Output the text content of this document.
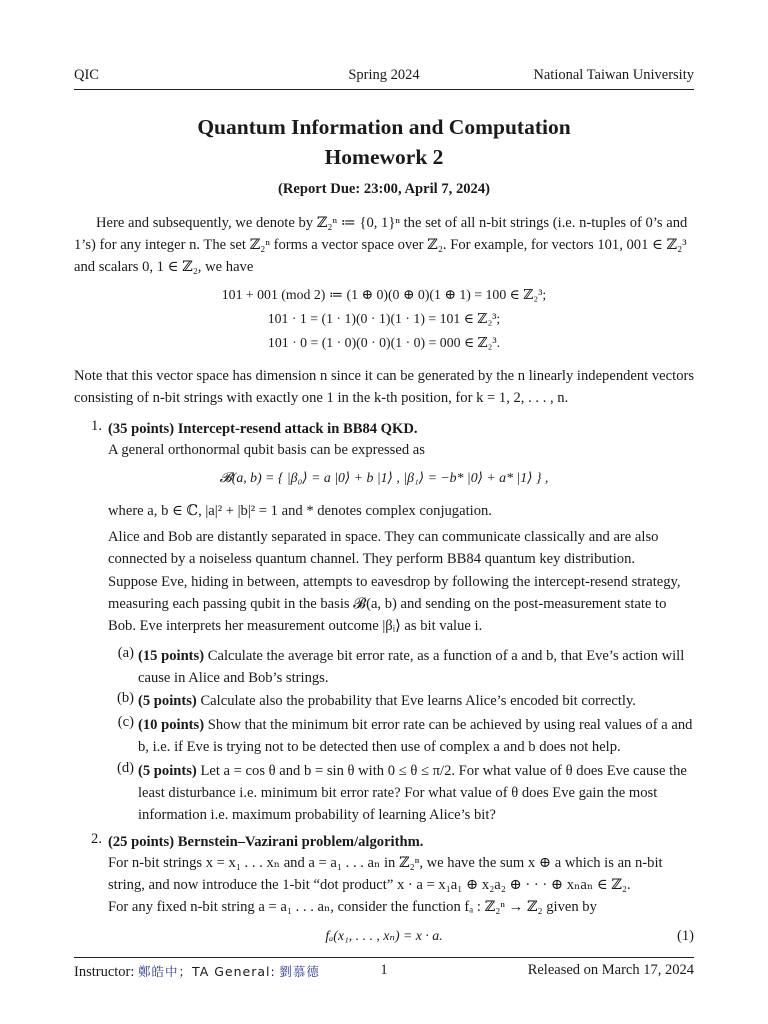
QIC	Spring 2024	National Taiwan University
Quantum Information and Computation
Homework 2
(Report Due: 23:00, April 7, 2024)
Here and subsequently, we denote by ℤ₂ⁿ ≔ {0, 1}ⁿ the set of all n-bit strings (i.e. n-tuples of 0’s and 1’s) for any integer n. The set ℤ₂ⁿ forms a vector space over ℤ₂. For example, for vectors 101, 001 ∈ ℤ₂³ and scalars 0, 1 ∈ ℤ₂, we have
101 + 001 (mod 2) ≔ (1 ⊕ 0)(0 ⊕ 0)(1 ⊕ 1) = 100 ∈ ℤ₂³;
101 · 1 = (1 · 1)(0 · 1)(1 · 1) = 101 ∈ ℤ₂³;
101 · 0 = (1 · 0)(0 · 0)(1 · 0) = 000 ∈ ℤ₂³.
Note that this vector space has dimension n since it can be generated by the n linearly independent vectors consisting of n-bit strings with exactly one 1 in the k-th position, for k = 1, 2, . . . , n.
1. (35 points) Intercept-resend attack in BB84 QKD.
A general orthonormal qubit basis can be expressed as
𝓑(a, b) = { |β₀⟩ = a |0⟩ + b |1⟩ , |β₁⟩ = −b* |0⟩ + a* |1⟩ } ,
where a, b ∈ ℂ, |a|² + |b|² = 1 and * denotes complex conjugation.
Alice and Bob are distantly separated in space. They can communicate classically and are also connected by a noiseless quantum channel. They perform BB84 quantum key distribution.
Suppose Eve, hiding in between, attempts to eavesdrop by following the intercept-resend strategy, measuring each passing qubit in the basis 𝓑(a, b) and sending on the post-measurement state to Bob. Eve interprets her measurement outcome |βᵢ⟩ as bit value i.
(a) (15 points) Calculate the average bit error rate, as a function of a and b, that Eve’s action will cause in Alice and Bob’s strings.
(b) (5 points) Calculate also the probability that Eve learns Alice’s encoded bit correctly.
(c) (10 points) Show that the minimum bit error rate can be achieved by using real values of a and b, i.e. if Eve is trying not to be detected then use of complex a and b does not help.
(d) (5 points) Let a = cos θ and b = sin θ with 0 ≤ θ ≤ π/2. For what value of θ does Eve cause the least disturbance i.e. minimum bit error rate? For what value of θ does Eve gain the most information i.e. maximum probability of learning Alice’s bit?
2. (25 points) Bernstein–Vazirani problem/algorithm.
For n-bit strings x = x₁ . . . xₙ and a = a₁ . . . aₙ in ℤ₂ⁿ, we have the sum x ⊕ a which is an n-bit string, and now introduce the 1-bit “dot product” x · a = x₁a₁ ⊕ x₂a₂ ⊕ · · · ⊕ xₙaₙ ∈ ℤ₂.
For any fixed n-bit string a = a₁ . . . aₙ, consider the function fₐ : ℤ₂ⁿ → ℤ₂ given by
fₐ(x₁, . . . , xₙ) = x · a.	(1)
Instructor: 鄭皓中；TA General: 劉慕德	1	Released on March 17, 2024
